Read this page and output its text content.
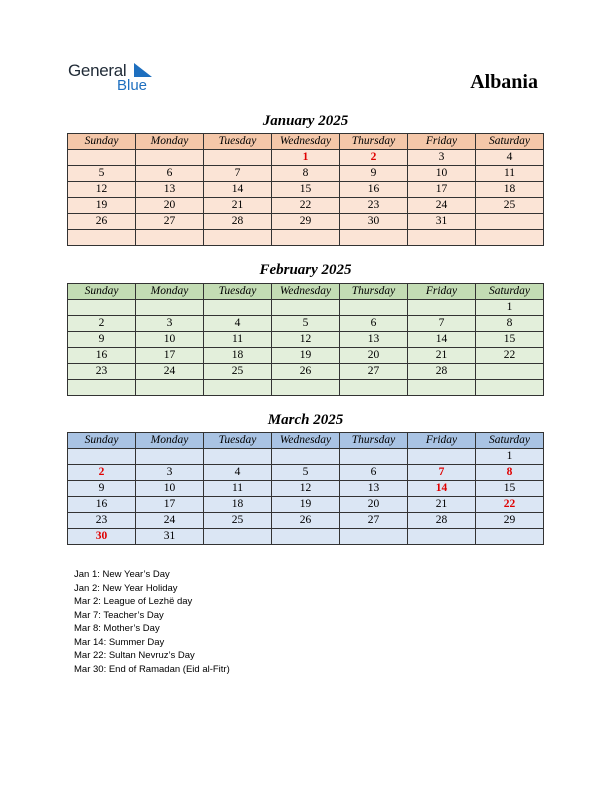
General
Blue	Albania
January 2025
Sunday	Monday	Tuesday	Wednesday	Thursday	Friday	Saturday
			1	2	3	4
5	6	7	8	9	10	11
12	13	14	15	16	17	18
19	20	21	22	23	24	25
26	27	28	29	30	31	

February 2025
Sunday	Monday	Tuesday	Wednesday	Thursday	Friday	Saturday
						1
2	3	4	5	6	7	8
9	10	11	12	13	14	15
16	17	18	19	20	21	22
23	24	25	26	27	28	

March 2025
Sunday	Monday	Tuesday	Wednesday	Thursday	Friday	Saturday
						1
2	3	4	5	6	7	8
9	10	11	12	13	14	15
16	17	18	19	20	21	22
23	24	25	26	27	28	29
30	31					
Jan 1: New Year’s Day
Jan 2: New Year Holiday
Mar 2: League of Lezhë day
Mar 7: Teacher’s Day
Mar 8: Mother’s Day
Mar 14: Summer Day
Mar 22: Sultan Nevruz’s Day
Mar 30: End of Ramadan (Eid al-Fitr)
